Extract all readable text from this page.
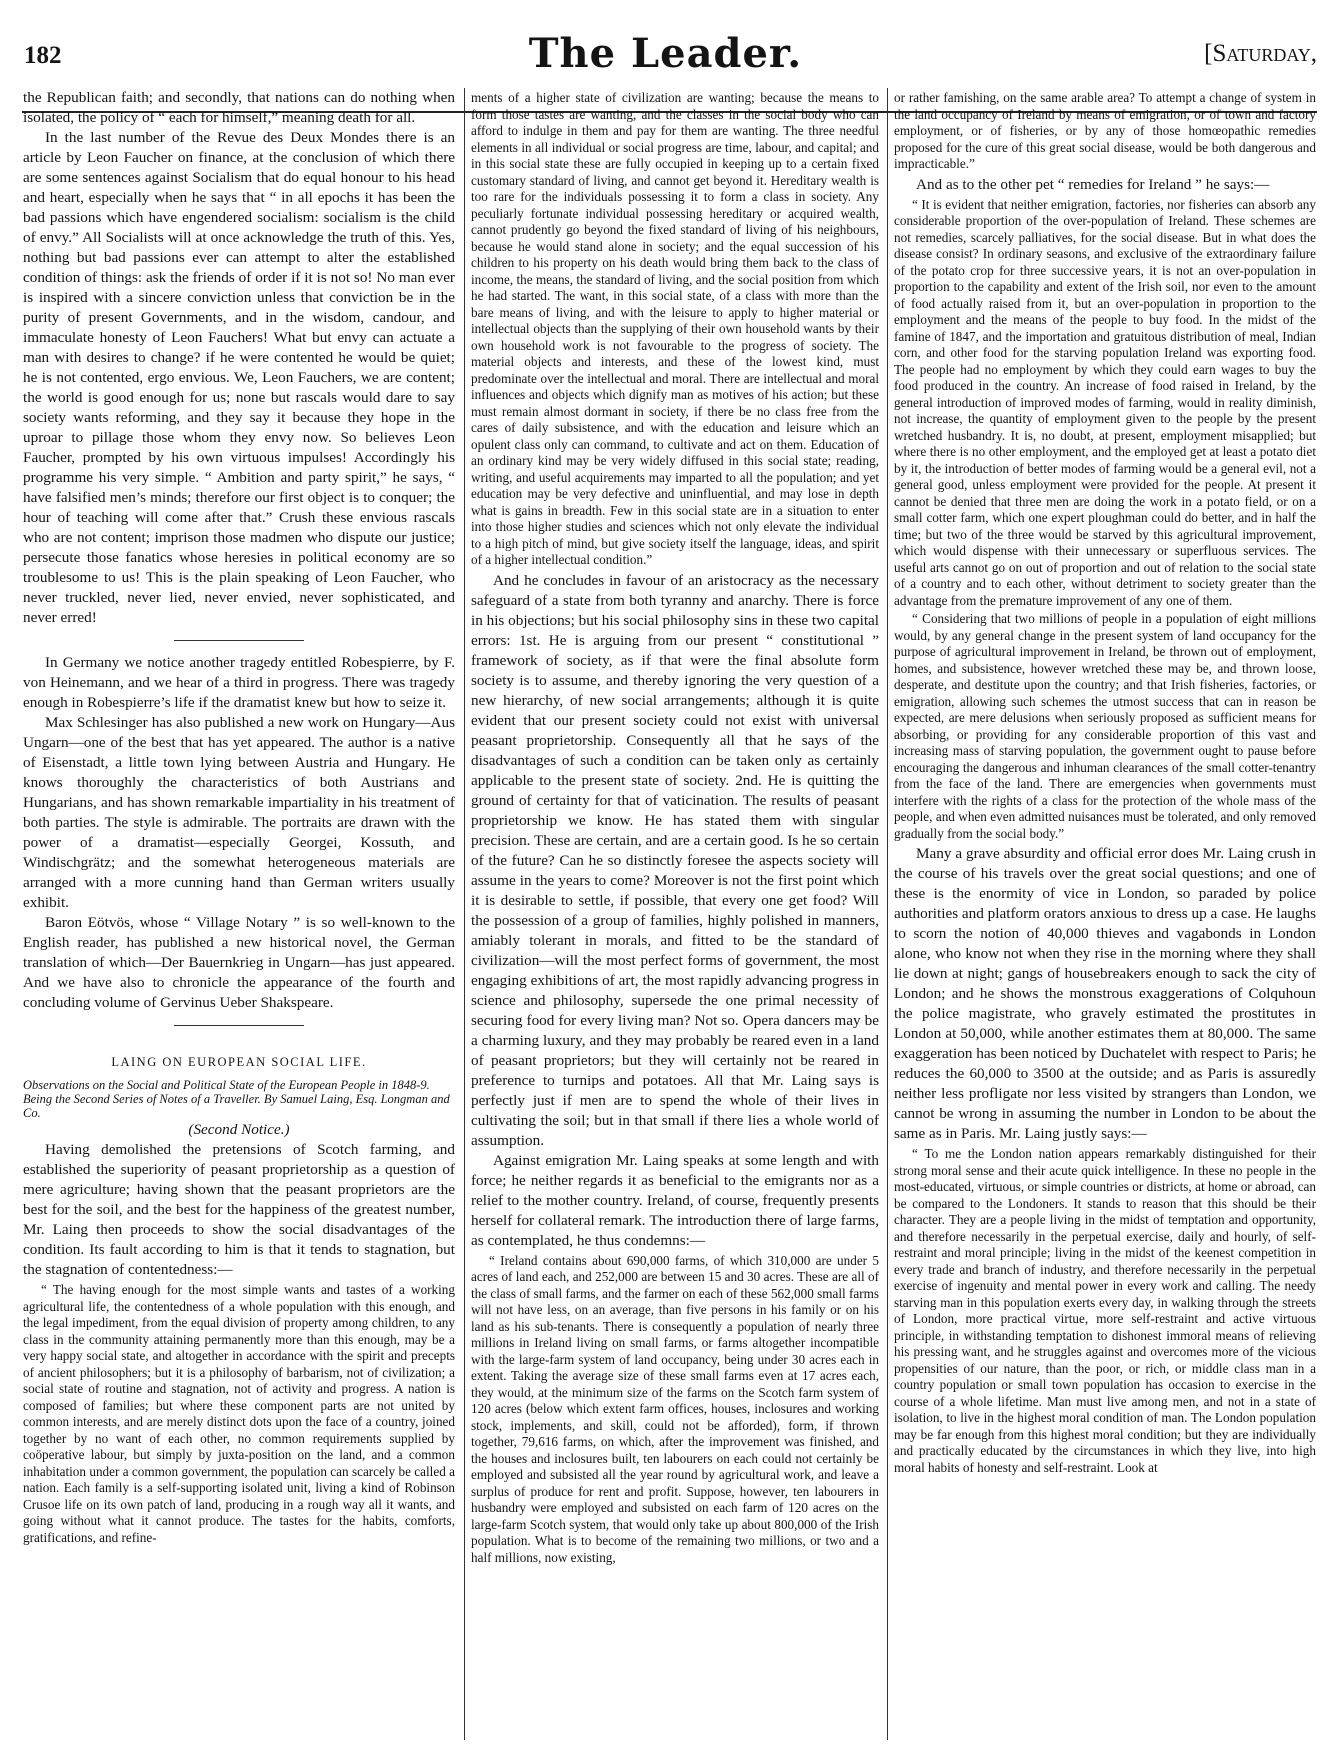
182	The Leader.	[Saturday,

the Republican faith; and secondly, that nations can do nothing when isolated, the policy of “ each for himself,” meaning death for all.

In the last number of the Revue des Deux Mondes there is an article by Leon Faucher on finance, at the conclusion of which there are some sentences against Socialism that do equal honour to his head and heart, especially when he says that “ in all epochs it has been the bad passions which have engendered socialism: socialism is the child of envy.” All Socialists will at once acknowledge the truth of this. Yes, nothing but bad passions ever can attempt to alter the established condition of things: ask the friends of order if it is not so! No man ever is inspired with a sincere conviction unless that conviction be in the purity of present Governments, and in the wisdom, candour, and immaculate honesty of Leon Fauchers! What but envy can actuate a man with desires to change? if he were contented he would be quiet; he is not contented, ergo envious. We, Leon Fauchers, we are content; the world is good enough for us; none but rascals would dare to say society wants reforming, and they say it because they hope in the uproar to pillage those whom they envy now. So believes Leon Faucher, prompted by his own virtuous impulses! Accordingly his programme his very simple. “ Ambition and party spirit,” he says, “ have falsified men’s minds; therefore our first object is to conquer; the hour of teaching will come after that.” Crush these envious rascals who are not content; imprison those madmen who dispute our justice; persecute those fanatics whose heresies in political economy are so troublesome to us! This is the plain speaking of Leon Faucher, who never truckled, never lied, never envied, never sophisticated, and never erred!

In Germany we notice another tragedy entitled Robespierre, by F. von Heinemann, and we hear of a third in progress. There was tragedy enough in Robespierre’s life if the dramatist knew but how to seize it.

Max Schlesinger has also published a new work on Hungary—Aus Ungarn—one of the best that has yet appeared. The author is a native of Eisenstadt, a little town lying between Austria and Hungary. He knows thoroughly the characteristics of both Austrians and Hungarians, and has shown remarkable impartiality in his treatment of both parties. The style is admirable. The portraits are drawn with the power of a dramatist—especially Georgei, Kossuth, and Windischgrätz; and the somewhat heterogeneous materials are arranged with a more cunning hand than German writers usually exhibit.

Baron Eötvös, whose “ Village Notary ” is so well-known to the English reader, has published a new historical novel, the German translation of which—Der Bauernkrieg in Ungarn—has just appeared. And we have also to chronicle the appearance of the fourth and concluding volume of Gervinus Ueber Shakspeare.

LAING ON EUROPEAN SOCIAL LIFE.

Observations on the Social and Political State of the European People in 1848-9. Being the Second Series of Notes of a Traveller. By Samuel Laing, Esq. Longman and Co.

(Second Notice.)

Having demolished the pretensions of Scotch farming, and established the superiority of peasant proprietorship as a question of mere agriculture; having shown that the peasant proprietors are the best for the soil, and the best for the happiness of the greatest number, Mr. Laing then proceeds to show the social disadvantages of the condition. Its fault according to him is that it tends to stagnation, but the stagnation of contentedness:—

“ The having enough for the most simple wants and tastes of a working agricultural life, the contentedness of a whole population with this enough, and the legal impediment, from the equal division of property among children, to any class in the community attaining permanently more than this enough, may be a very happy social state, and altogether in accordance with the spirit and precepts of ancient philosophers; but it is a philosophy of barbarism, not of civilization; a social state of routine and stagnation, not of activity and progress. A nation is composed of families; but where these component parts are not united by common interests, and are merely distinct dots upon the face of a country, joined together by no want of each other, no common requirements supplied by coöperative labour, but simply by juxta-position on the land, and a common inhabitation under a common government, the population can scarcely be called a nation. Each family is a self-supporting isolated unit, living a kind of Robinson Crusoe life on its own patch of land, producing in a rough way all it wants, and going without what it cannot produce. The tastes for the habits, comforts, gratifications, and refine-

ments of a higher state of civilization are wanting; because the means to form those tastes are wanting, and the classes in the social body who can afford to indulge in them and pay for them are wanting. The three needful elements in all individual or social progress are time, labour, and capital; and in this social state these are fully occupied in keeping up to a certain fixed customary standard of living, and cannot get beyond it. Hereditary wealth is too rare for the individuals possessing it to form a class in society. Any peculiarly fortunate individual possessing hereditary or acquired wealth, cannot prudently go beyond the fixed standard of living of his neighbours, because he would stand alone in society; and the equal succession of his children to his property on his death would bring them back to the class of income, the means, the standard of living, and the social position from which he had started. The want, in this social state, of a class with more than the bare means of living, and with the leisure to apply to higher material or intellectual objects than the supplying of their own household wants by their own household work is not favourable to the progress of society. The material objects and interests, and these of the lowest kind, must predominate over the intellectual and moral. There are intellectual and moral influences and objects which dignify man as motives of his action; but these must remain almost dormant in society, if there be no class free from the cares of daily subsistence, and with the education and leisure which an opulent class only can command, to cultivate and act on them. Education of an ordinary kind may be very widely diffused in this social state; reading, writing, and useful acquirements may imparted to all the population; and yet education may be very defective and uninfluential, and may lose in depth what is gains in breadth. Few in this social state are in a situation to enter into those higher studies and sciences which not only elevate the individual to a high pitch of mind, but give society itself the language, ideas, and spirit of a higher intellectual condition.”

And he concludes in favour of an aristocracy as the necessary safeguard of a state from both tyranny and anarchy. There is force in his objections; but his social philosophy sins in these two capital errors: 1st. He is arguing from our present “ constitutional ” framework of society, as if that were the final absolute form society is to assume, and thereby ignoring the very question of a new hierarchy, of new social arrangements; although it is quite evident that our present society could not exist with universal peasant proprietorship. Consequently all that he says of the disadvantages of such a condition can be taken only as certainly applicable to the present state of society. 2nd. He is quitting the ground of certainty for that of vaticination. The results of peasant proprietorship we know. He has stated them with singular precision. These are certain, and are a certain good. Is he so certain of the future? Can he so distinctly foresee the aspects society will assume in the years to come? Moreover is not the first point which it is desirable to settle, if possible, that every one get food? Will the possession of a group of families, highly polished in manners, amiably tolerant in morals, and fitted to be the standard of civilization—will the most perfect forms of government, the most engaging exhibitions of art, the most rapidly advancing progress in science and philosophy, supersede the one primal necessity of securing food for every living man? Not so. Opera dancers may be a charming luxury, and they may probably be reared even in a land of peasant proprietors; but they will certainly not be reared in preference to turnips and potatoes. All that Mr. Laing says is perfectly just if men are to spend the whole of their lives in cultivating the soil; but in that small if there lies a whole world of assumption.

Against emigration Mr. Laing speaks at some length and with force; he neither regards it as beneficial to the emigrants nor as a relief to the mother country. Ireland, of course, frequently presents herself for collateral remark. The introduction there of large farms, as contemplated, he thus condemns:—

“ Ireland contains about 690,000 farms, of which 310,000 are under 5 acres of land each, and 252,000 are between 15 and 30 acres. These are all of the class of small farms, and the farmer on each of these 562,000 small farms will not have less, on an average, than five persons in his family or on his land as his sub-tenants. There is consequently a population of nearly three millions in Ireland living on small farms, or farms altogether incompatible with the large-farm system of land occupancy, being under 30 acres each in extent. Taking the average size of these small farms even at 17 acres each, they would, at the minimum size of the farms on the Scotch farm system of 120 acres (below which extent farm offices, houses, inclosures and working stock, implements, and skill, could not be afforded), form, if thrown together, 79,616 farms, on which, after the improvement was finished, and the houses and inclosures built, ten labourers on each could not certainly be employed and subsisted all the year round by agricultural work, and leave a surplus of produce for rent and profit. Suppose, however, ten labourers in husbandry were employed and subsisted on each farm of 120 acres on the large-farm Scotch system, that would only take up about 800,000 of the Irish population. What is to become of the remaining two millions, or two and a half millions, now existing,

or rather famishing, on the same arable area? To attempt a change of system in the land occupancy of Ireland by means of emigration, or of town and factory employment, or of fisheries, or by any of those homœopathic remedies proposed for the cure of this great social disease, would be both dangerous and impracticable.”

And as to the other pet “ remedies for Ireland ” he says:—

“ It is evident that neither emigration, factories, nor fisheries can absorb any considerable proportion of the over-population of Ireland. These schemes are not remedies, scarcely palliatives, for the social disease. But in what does the disease consist? In ordinary seasons, and exclusive of the extraordinary failure of the potato crop for three successive years, it is not an over-population in proportion to the capability and extent of the Irish soil, nor even to the amount of food actually raised from it, but an over-population in proportion to the employment and the means of the people to buy food. In the midst of the famine of 1847, and the importation and gratuitous distribution of meal, Indian corn, and other food for the starving population Ireland was exporting food. The people had no employment by which they could earn wages to buy the food produced in the country. An increase of food raised in Ireland, by the general introduction of improved modes of farming, would in reality diminish, not increase, the quantity of employment given to the people by the present wretched husbandry. It is, no doubt, at present, employment misapplied; but where there is no other employment, and the employed get at least a potato diet by it, the introduction of better modes of farming would be a general evil, not a general good, unless employment were provided for the people. At present it cannot be denied that three men are doing the work in a potato field, or on a small cotter farm, which one expert ploughman could do better, and in half the time; but two of the three would be starved by this agricultural improvement, which would dispense with their unnecessary or superfluous services. The useful arts cannot go on out of proportion and out of relation to the social state of a country and to each other, without detriment to society greater than the advantage from the premature improvement of any one of them.

“ Considering that two millions of people in a population of eight millions would, by any general change in the present system of land occupancy for the purpose of agricultural improvement in Ireland, be thrown out of employment, homes, and subsistence, however wretched these may be, and thrown loose, desperate, and destitute upon the country; and that Irish fisheries, factories, or emigration, allowing such schemes the utmost success that can in reason be expected, are mere delusions when seriously proposed as sufficient means for absorbing, or providing for any considerable proportion of this vast and increasing mass of starving population, the government ought to pause before encouraging the dangerous and inhuman clearances of the small cotter-tenantry from the face of the land. There are emergencies when governments must interfere with the rights of a class for the protection of the whole mass of the people, and when even admitted nuisances must be tolerated, and only removed gradually from the social body.”

Many a grave absurdity and official error does Mr. Laing crush in the course of his travels over the great social questions; and one of these is the enormity of vice in London, so paraded by police authorities and platform orators anxious to dress up a case. He laughs to scorn the notion of 40,000 thieves and vagabonds in London alone, who know not when they rise in the morning where they shall lie down at night; gangs of housebreakers enough to sack the city of London; and he shows the monstrous exaggerations of Colquhoun the police magistrate, who gravely estimated the prostitutes in London at 50,000, while another estimates them at 80,000. The same exaggeration has been noticed by Duchatelet with respect to Paris; he reduces the 60,000 to 3500 at the outside; and as Paris is assuredly neither less profligate nor less visited by strangers than London, we cannot be wrong in assuming the number in London to be about the same as in Paris. Mr. Laing justly says:—

“ To me the London nation appears remarkably distinguished for their strong moral sense and their acute quick intelligence. In these no people in the most-educated, virtuous, or simple countries or districts, at home or abroad, can be compared to the Londoners. It stands to reason that this should be their character. They are a people living in the midst of temptation and opportunity, and therefore necessarily in the perpetual exercise, daily and hourly, of self-restraint and moral principle; living in the midst of the keenest competition in every trade and branch of industry, and therefore necessarily in the perpetual exercise of ingenuity and mental power in every work and calling. The needy starving man in this population exerts every day, in walking through the streets of London, more practical virtue, more self-restraint and active virtuous principle, in withstanding temptation to dishonest immoral means of relieving his pressing want, and he struggles against and overcomes more of the vicious propensities of our nature, than the poor, or rich, or middle class man in a country population or small town population has occasion to exercise in the course of a whole lifetime. Man must live among men, and not in a state of isolation, to live in the highest moral condition of man. The London population may be far enough from this highest moral condition; but they are individually and practically educated by the circumstances in which they live, into high moral habits of honesty and self-restraint. Look at
